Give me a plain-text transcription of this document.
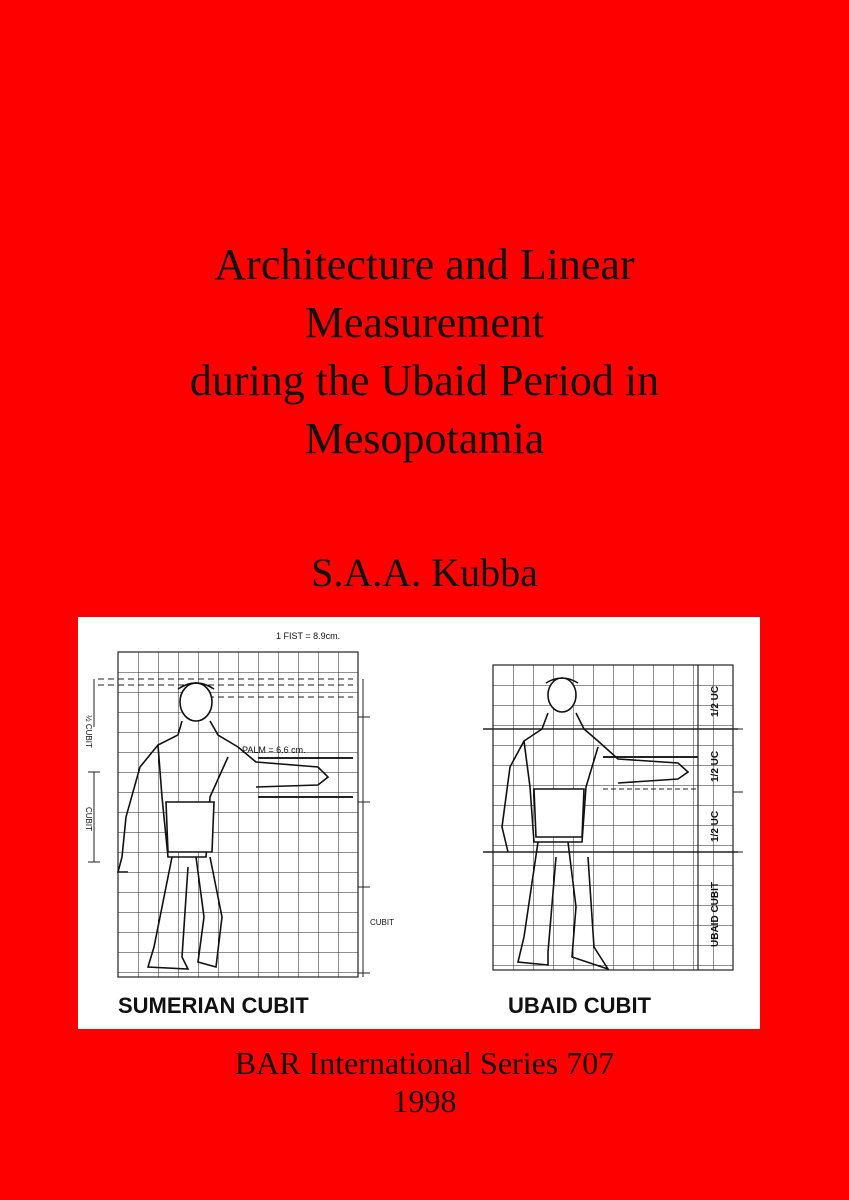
Architecture and Linear
Measurement
during the Ubaid Period in
Mesopotamia
S.A.A. Kubba
1 FIST = 8.9cm.
PALM = 6.6 cm.
½ CUBIT
CUBIT
CUBIT
SUMERIAN CUBIT
1/2 UC
1/2 UC
1/2 UC
UBAID CUBIT
UBAID CUBIT
BAR International Series 707
1998
